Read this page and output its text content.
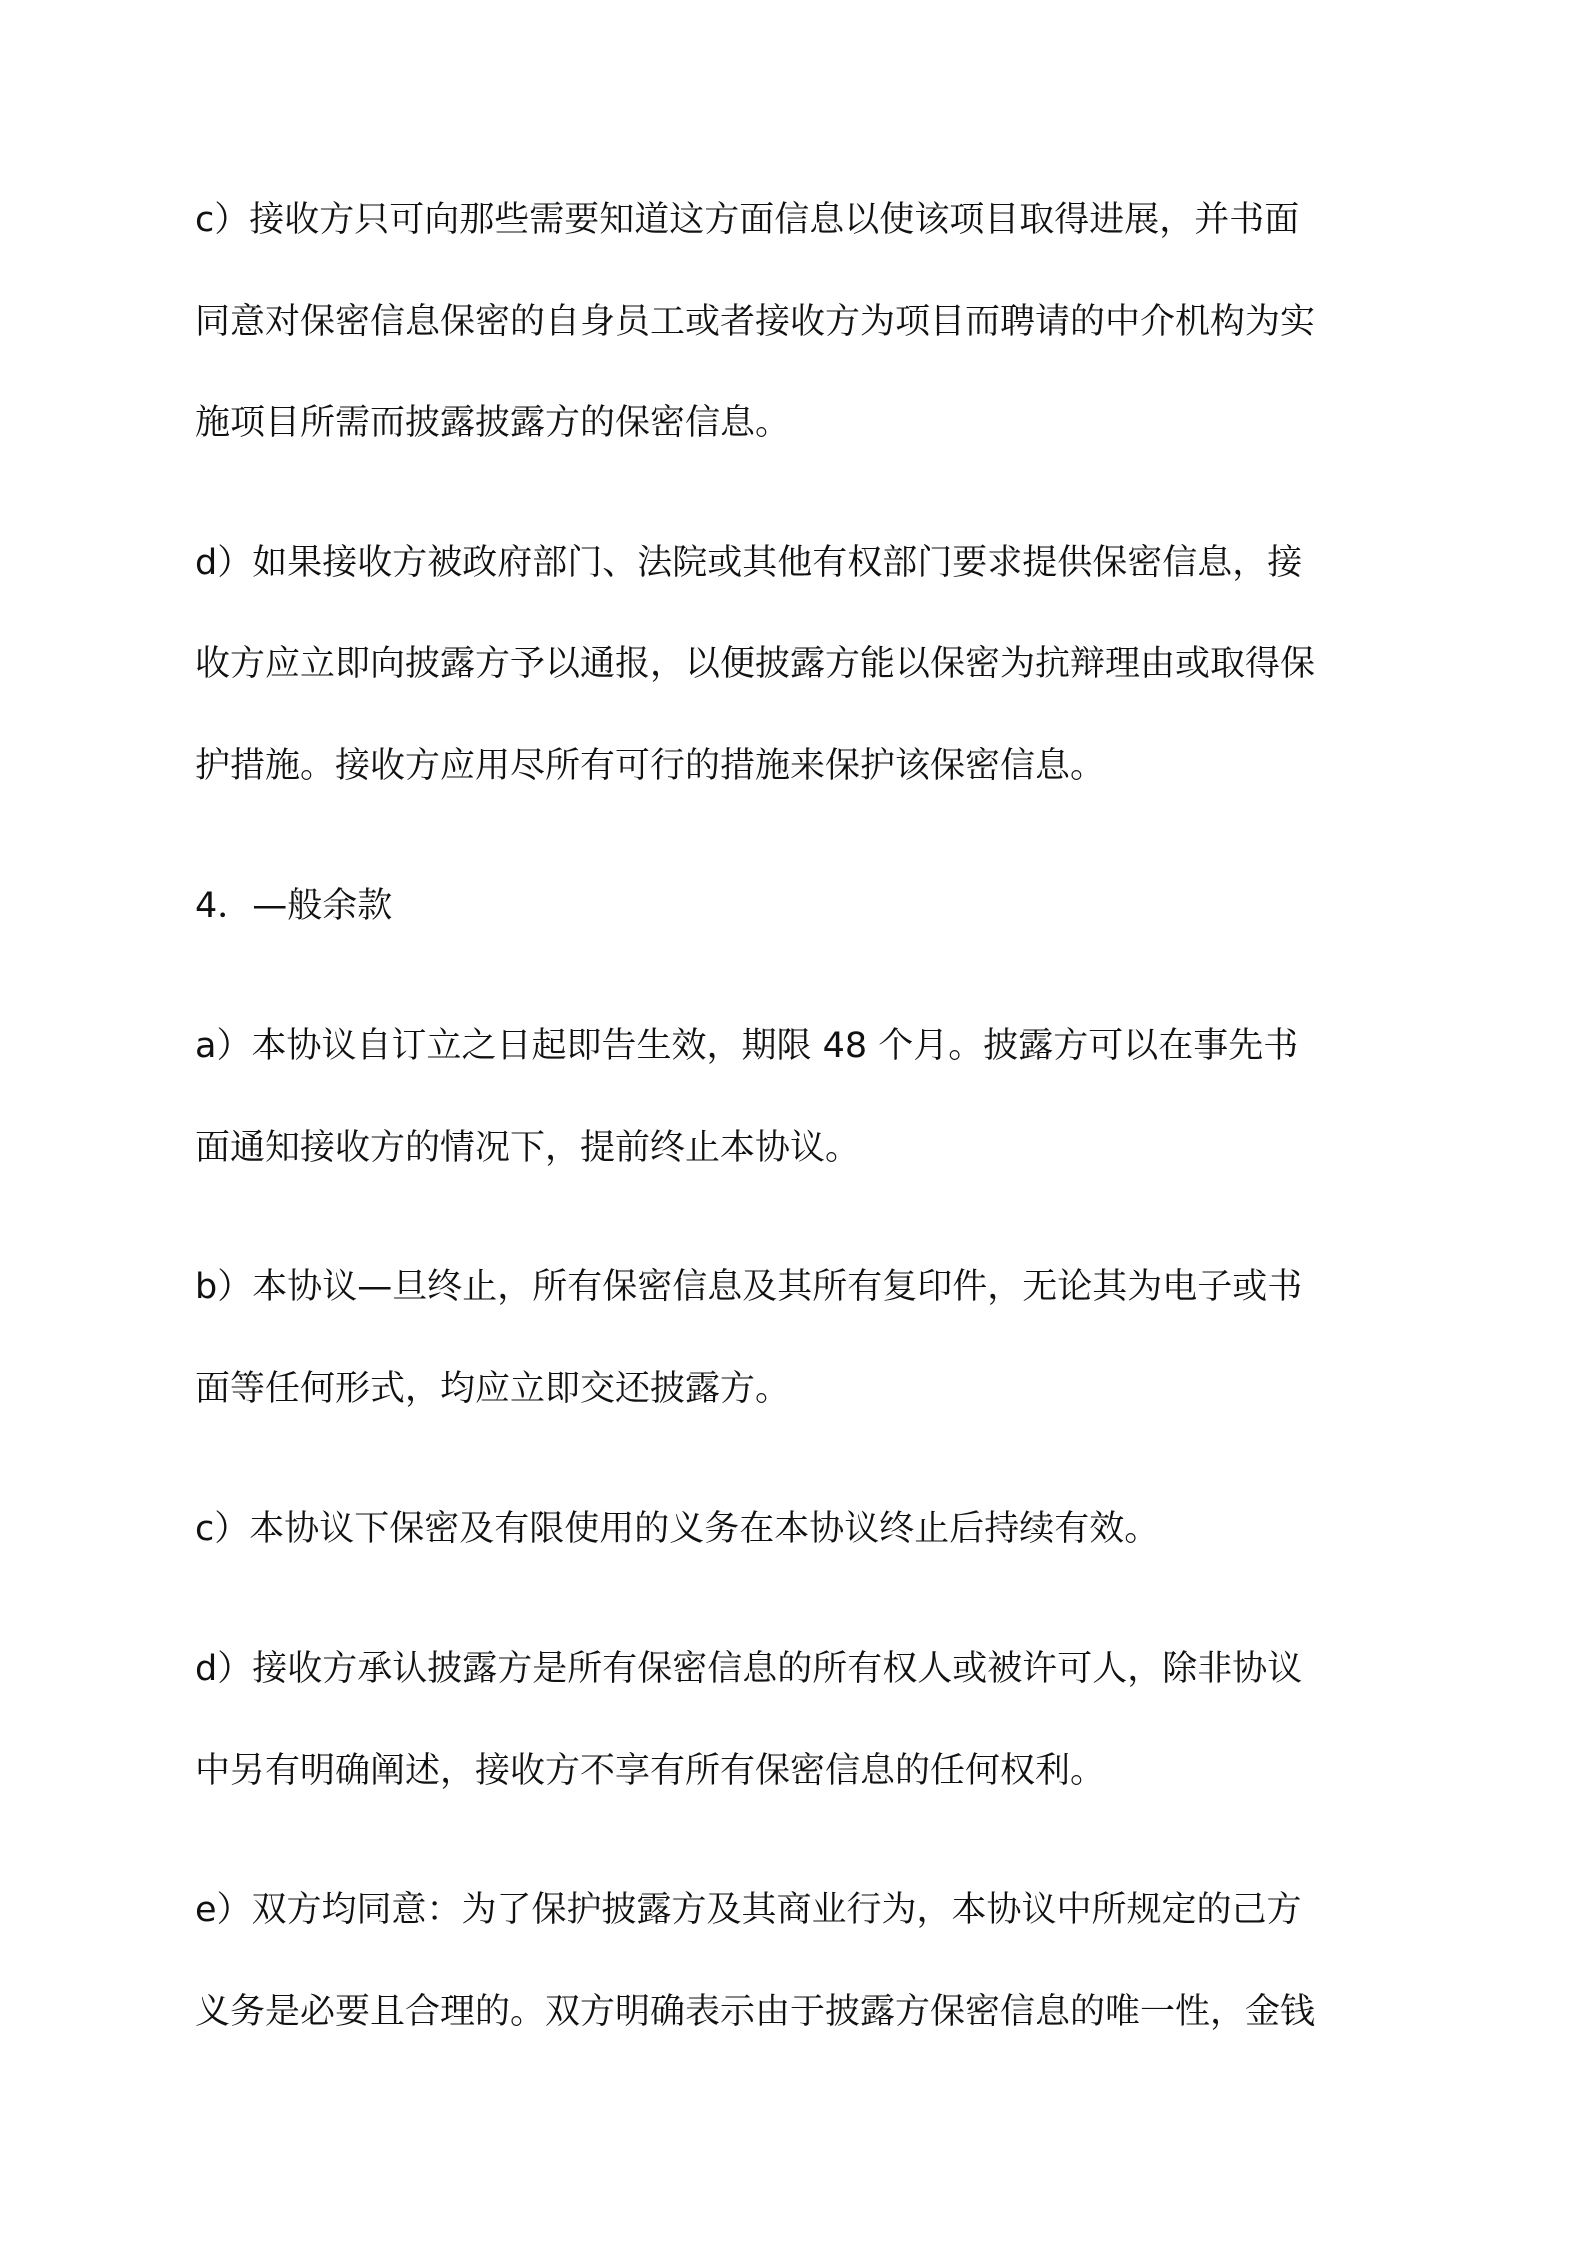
c）接收方只可向那些需要知道这方面信息以使该项目取得进展，并书面
同意对保密信息保密的自身员工或者接收方为项目而聘请的中介机构为实
施项目所需而披露披露方的保密信息。
d）如果接收方被政府部门、法院或其他有权部门要求提供保密信息，接
收方应立即向披露方予以通报，以便披露方能以保密为抗辩理由或取得保
护措施。接收方应用尽所有可行的措施来保护该保密信息。
4．—般余款
a）本协议自订立之日起即告生效，期限 48 个月。披露方可以在事先书
面通知接收方的情况下，提前终止本协议。
b）本协议—旦终止，所有保密信息及其所有复印件，无论其为电子或书
面等任何形式，均应立即交还披露方。
c）本协议下保密及有限使用的义务在本协议终止后持续有效。
d）接收方承认披露方是所有保密信息的所有权人或被许可人，除非协议
中另有明确阐述，接收方不享有所有保密信息的任何权利。
e）双方均同意：为了保护披露方及其商业行为，本协议中所规定的己方
义务是必要且合理的。双方明确表示由于披露方保密信息的唯一性，金钱
